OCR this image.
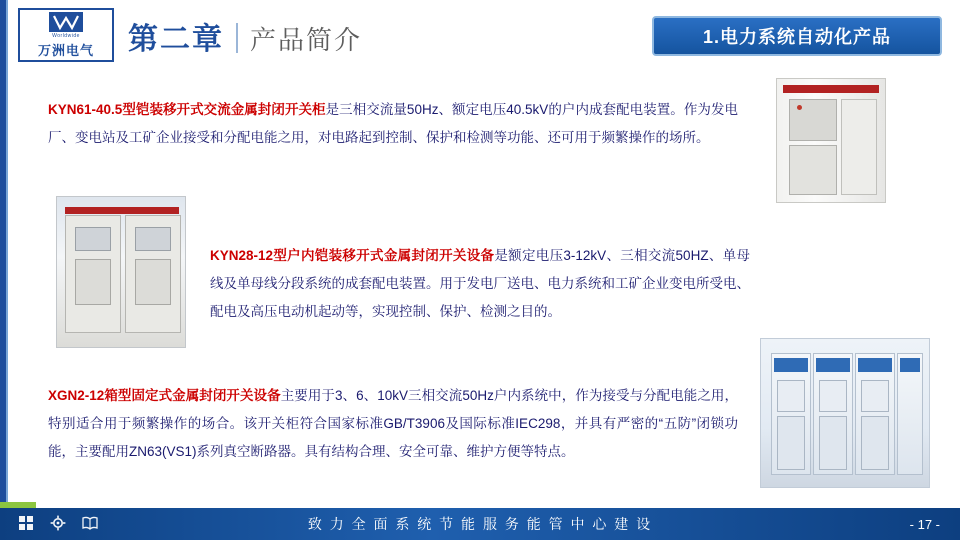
Worldwide
万洲电气 第二章 产品简介	1.电力系统自动化产品

KYN61-40.5型铠装移开式交流金属封闭开关柜是三相交流量50Hz、额定电压40.5kV的户内成套配电装置。作为发电厂、变电站及工矿企业接受和分配电能之用，对电路起到控制、保护和检测等功能、还可用于频繁操作的场所。

KYN28-12型户内铠装移开式金属封闭开关设备是额定电压3-12kV、三相交流50HZ、单母线及单母线分段系统的成套配电装置。用于发电厂送电、电力系统和工矿企业变电所受电、配电及高压电动机起动等，实现控制、保护、检测之目的。

XGN2-12箱型固定式金属封闭开关设备主要用于3、6、10kV三相交流50Hz户内系统中，作为接受与分配电能之用，特别适合用于频繁操作的场合。该开关柜符合国家标准GB/T3906及国际标准IEC298，并具有严密的“五防”闭锁功能，主要配用ZN63(VS1)系列真空断路器。具有结构合理、安全可靠、维护方便等特点。

致 力 全 面 系 统 节 能 服 务 能 管 中 心 建 设	- 17 -
